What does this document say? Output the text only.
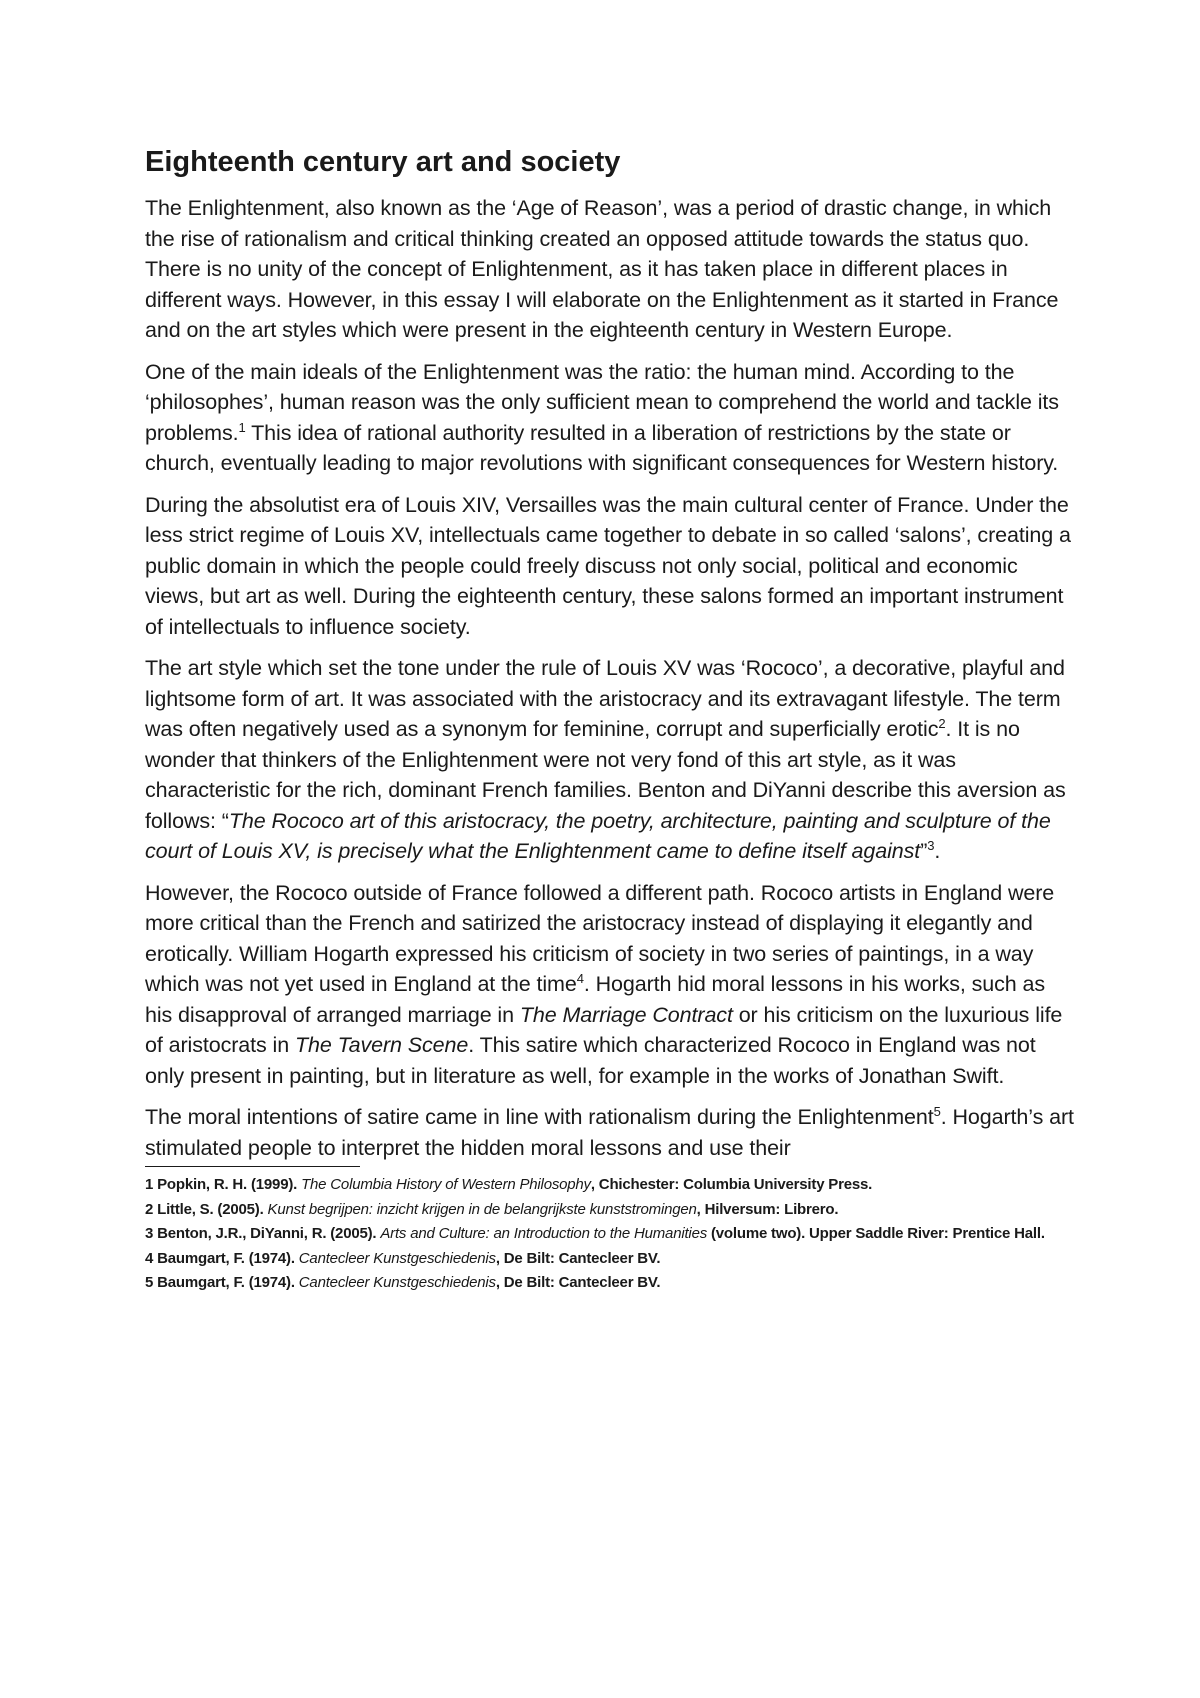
Eighteenth century art and society

The Enlightenment, also known as the ‘Age of Reason’, was a period of drastic change, in which the rise of rationalism and critical thinking created an opposed attitude towards the status quo. There is no unity of the concept of Enlightenment, as it has taken place in different places in different ways. However, in this essay I will elaborate on the Enlightenment as it started in France and on the art styles which were present in the eighteenth century in Western Europe.

One of the main ideals of the Enlightenment was the ratio: the human mind. According to the ‘philosophes’, human reason was the only sufficient mean to comprehend the world and tackle its problems.$^1$ This idea of rational authority resulted in a liberation of restrictions by the state or church, eventually leading to major revolutions with significant consequences for Western history.

During the absolutist era of Louis XIV, Versailles was the main cultural center of France. Under the less strict regime of Louis XV, intellectuals came together to debate in so called ‘salons’, creating a public domain in which the people could freely discuss not only social, political and economic views, but art as well. During the eighteenth century, these salons formed an important instrument of intellectuals to influence society.

The art style which set the tone under the rule of Louis XV was ‘Rococo’, a decorative, playful and lightsome form of art. It was associated with the aristocracy and its extravagant lifestyle. The term was often negatively used as a synonym for feminine, corrupt and superficially erotic$^2$. It is no wonder that thinkers of the Enlightenment were not very fond of this art style, as it was characteristic for the rich, dominant French families. Benton and DiYanni describe this aversion as follows: “The Rococo art of this aristocracy, the poetry, architecture, painting and sculpture of the court of Louis XV, is precisely what the Enlightenment came to define itself against”$^3$.

However, the Rococo outside of France followed a different path. Rococo artists in England were more critical than the French and satirized the aristocracy instead of displaying it elegantly and erotically. William Hogarth expressed his criticism of society in two series of paintings, in a way which was not yet used in England at the time$^4$. Hogarth hid moral lessons in his works, such as his disapproval of arranged marriage in The Marriage Contract or his criticism on the luxurious life of aristocrats in The Tavern Scene. This satire which characterized Rococo in England was not only present in painting, but in literature as well, for example in the works of Jonathan Swift.

The moral intentions of satire came in line with rationalism during the Enlightenment$^5$. Hogarth’s art stimulated people to interpret the hidden moral lessons and use their

1 Popkin, R. H. (1999). The Columbia History of Western Philosophy, Chichester: Columbia University Press.

2 Little, S. (2005). Kunst begrijpen: inzicht krijgen in de belangrijkste kunststromingen, Hilversum: Librero.

3 Benton, J.R., DiYanni, R. (2005). Arts and Culture: an Introduction to the Humanities (volume two). Upper Saddle River: Prentice Hall.

4 Baumgart, F. (1974). Cantecleer Kunstgeschiedenis, De Bilt: Cantecleer BV.

5 Baumgart, F. (1974). Cantecleer Kunstgeschiedenis, De Bilt: Cantecleer BV.
